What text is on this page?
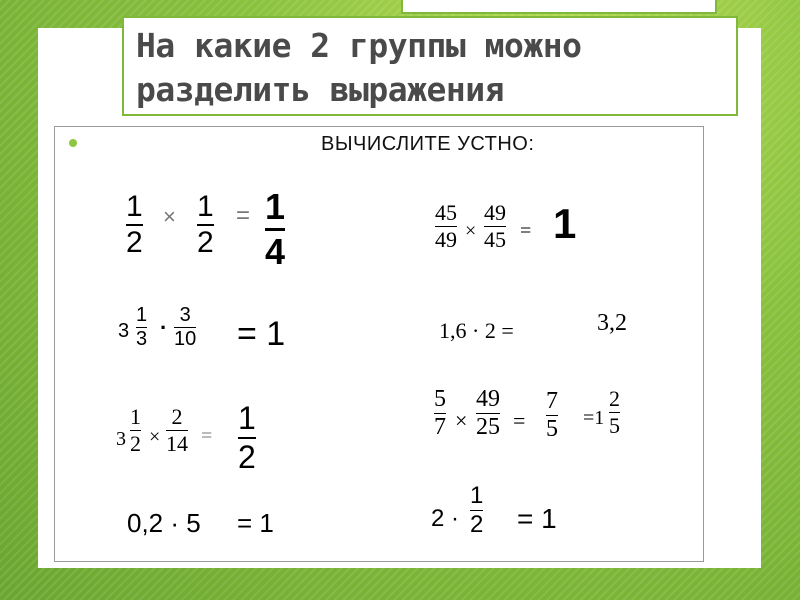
На какие 2 группы можно
разделить выражения
ВЫЧИСЛИТЕ УСТНО:
1
2
× 1
2
= 1
4
45
49 ×
49
45 = 1
3
1
3 · 3
10 = 1	1,6 · 2 =	3,2
3
1
2 ×
2
14 = 1
2
5
7 ×
49
25 =
7
5 =1
2
5
0,2 · 5 = 1	2 ·
1
2 = 1
